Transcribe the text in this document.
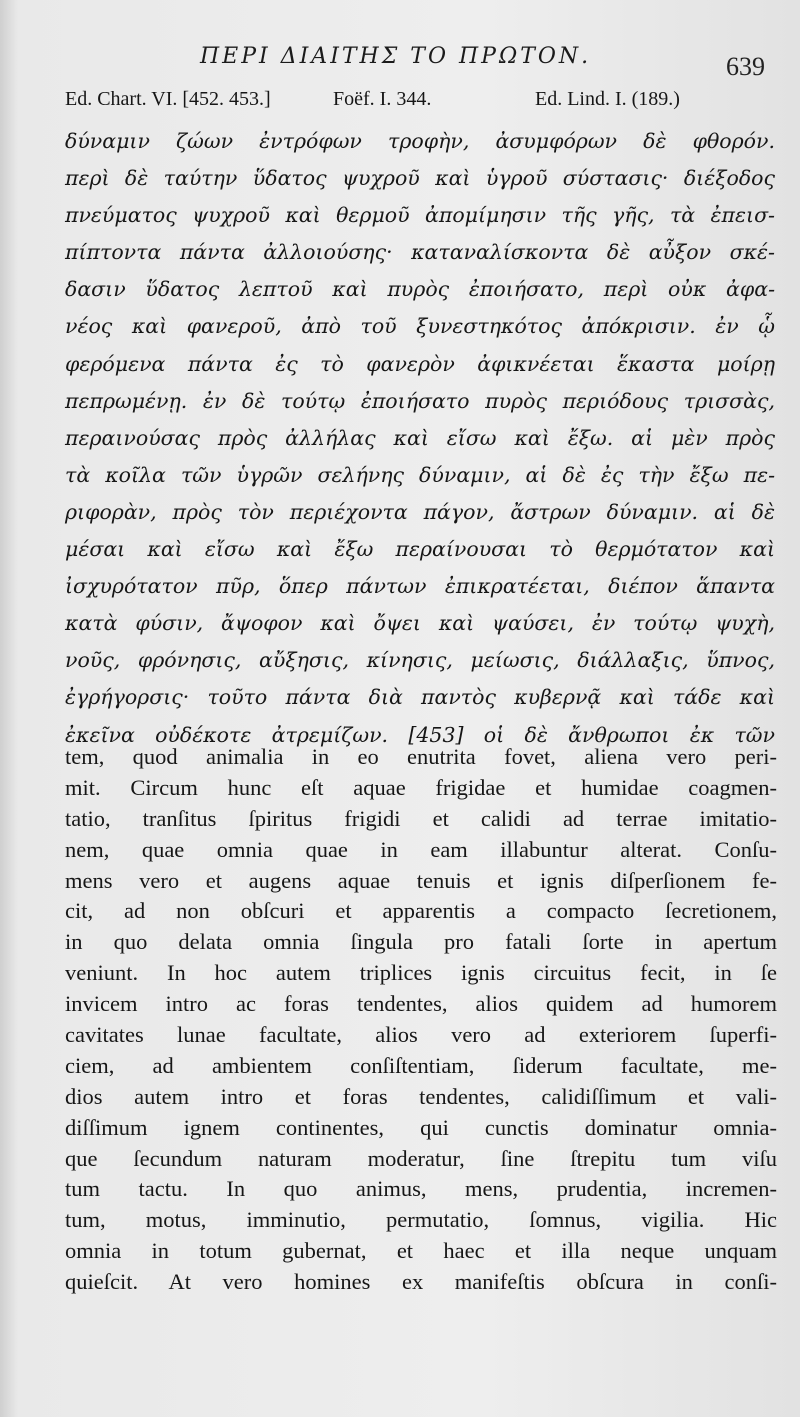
ΠΕΡΙ ΔΙΑΙΤΗΣ ΤΟ ΠΡΩΤΟΝ.	639
Ed. Chart. VI. [452. 453.]	Foëf. I. 344.	Ed. Lind. I. (189.)
δύναμιν ζώων ἐντρόφων τροφὴν, ἀσυμφόρων δὲ φθορόν.
περὶ δὲ ταύτην ὕδατος ψυχροῦ καὶ ὑγροῦ σύστασις· διέξοδος
πνεύματος ψυχροῦ καὶ θερμοῦ ἀπομίμησιν τῆς γῆς, τὰ ἐπεισ-
πίπτοντα πάντα ἀλλοιούσης· καταναλίσκοντα δὲ αὖξον σκέ-
δασιν ὕδατος λεπτοῦ καὶ πυρὸς ἐποιήσατο, περὶ οὐκ ἀφα-
νέος καὶ φανεροῦ, ἀπὸ τοῦ ξυνεστηκότος ἀπόκρισιν. ἐν ᾧ
φερόμενα πάντα ἐς τὸ φανερὸν ἀφικνέεται ἕκαστα μοίρῃ
πεπρωμένῃ. ἐν δὲ τούτῳ ἐποιήσατο πυρὸς περιόδους τρισσὰς,
περαινούσας πρὸς ἀλλήλας καὶ εἴσω καὶ ἔξω. αἱ μὲν πρὸς
τὰ κοῖλα τῶν ὑγρῶν σελήνης δύναμιν, αἱ δὲ ἐς τὴν ἔξω πε-
ριφορὰν, πρὸς τὸν περιέχοντα πάγον, ἄστρων δύναμιν. αἱ δὲ
μέσαι καὶ εἴσω καὶ ἔξω περαίνουσαι τὸ θερμότατον καὶ
ἰσχυρότατον πῦρ, ὅπερ πάντων ἐπικρατέεται, διέπον ἅπαντα
κατὰ φύσιν, ἄψοφον καὶ ὄψει καὶ ψαύσει, ἐν τούτῳ ψυχὴ,
νοῦς, φρόνησις, αὔξησις, κίνησις, μείωσις, διάλλαξις, ὕπνος,
ἐγρήγορσις· τοῦτο πάντα διὰ παντὸς κυβερνᾷ καὶ τάδε καὶ
ἐκεῖνα οὐδέκοτε ἀτρεμίζων. [453] οἱ δὲ ἄνθρωποι ἐκ τῶν
tem, quod animalia in eo enutrita fovet, aliena vero peri-
mit. Circum hunc eſt aquae frigidae et humidae coagmen-
tatio, tranſitus ſpiritus frigidi et calidi ad terrae imitatio-
nem, quae omnia quae in eam illabuntur alterat. Conſu-
mens vero et augens aquae tenuis et ignis diſperſionem fe-
cit, ad non obſcuri et apparentis a compacto ſecretionem,
in quo delata omnia ſingula pro fatali ſorte in apertum
veniunt. In hoc autem triplices ignis circuitus fecit, in ſe
invicem intro ac foras tendentes, alios quidem ad humorem
cavitates lunae facultate, alios vero ad exteriorem ſuperfi-
ciem, ad ambientem conſiſtentiam, ſiderum facultate, me-
dios autem intro et foras tendentes, calidiſſimum et vali-
diſſimum ignem continentes, qui cunctis dominatur omnia-
que ſecundum naturam moderatur, ſine ſtrepitu tum viſu
tum tactu. In quo animus, mens, prudentia, incremen-
tum, motus, imminutio, permutatio, ſomnus, vigilia. Hic
omnia in totum gubernat, et haec et illa neque unquam
quieſcit. At vero homines ex manifeſtis obſcura in conſi-
